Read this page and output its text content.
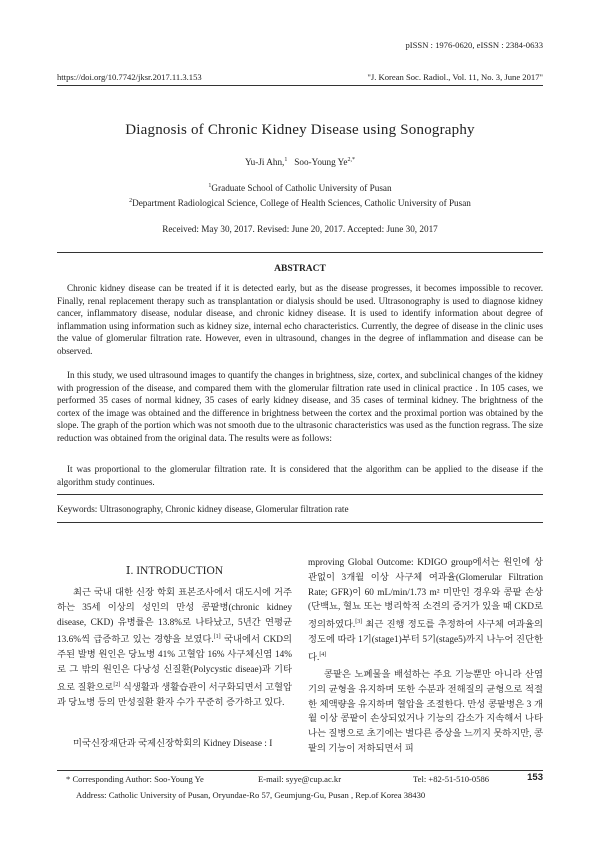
pISSN : 1976-0620, eISSN : 2384-0633
https://doi.org/10.7742/jksr.2017.11.3.153	"J. Korean Soc. Radiol., Vol. 11, No. 3, June 2017"
Diagnosis of Chronic Kidney Disease using Sonography
Yu-Ji Ahn,$^1$ Soo-Young $Ye^{2,*}$
$^1$Graduate School of Catholic University of Pusan
$^2$Department Radiological Science, College of Health Sciences, Catholic University of Pusan
Received: May 30, 2017. Revised: June 20, 2017. Accepted: June 30, 2017
ABSTRACT

Chronic kidney disease can be treated if it is detected early, but as the disease progresses, it becomes impossible to recover. Finally, renal replacement therapy such as transplantation or dialysis should be used. Ultrasonography is used to diagnose kidney cancer, inflammatory disease, nodular disease, and chronic kidney disease. It is used to identify information about degree of inflammation using information such as kidney size, internal echo characteristics. Currently, the degree of disease in the clinic uses the value of glomerular filtration rate. However, even in ultrasound, changes in the degree of inflammation and disease can be observed.

In this study, we used ultrasound images to quantify the changes in brightness, size, cortex, and subclinical changes of the kidney with progression of the disease, and compared them with the glomerular filtration rate used in clinical practice . In 105 cases, we performed 35 cases of normal kidney, 35 cases of early kidney disease, and 35 cases of terminal kidney. The brightness of the cortex of the image was obtained and the difference in brightness between the cortex and the proximal portion was obtained by the slope. The graph of the portion which was not smooth due to the ultrasonic characteristics was used as the function regrass. The size reduction was obtained from the original data. The results were as follows:

It was proportional to the glomerular filtration rate. It is considered that the algorithm can be applied to the disease if the algorithm study continues.

Keywords: Ultrasonography, Chronic kidney disease, Glomerular filtration rate
Ⅰ. INTRODUCTION

최근 국내 대한 신장 학회 표본조사에서 대도시에 거주하는 35세 이상의 성인의 만성 콩팥병(chronic kidney disease, CKD) 유병률은 13.8%로 나타났고, 5년간 연평균 13.6%씩 급증하고 있는 경향을 보였다.[1] 국내에서 CKD의 주된 발병 원인은 당뇨병 41% 고혈압 16% 사구체신염 14%로 그 밖의 원인은 다낭성 신질환(Polycystic diseae)과 기타 요로 질환으로[2] 식생활과 생활습관이 서구화되면서 고혈압과 당뇨병 등의 만성질환 환자 수가 꾸준히 증가하고 있다.

미국신장재단과 국제신장학회의 Kidney Disease : I

mproving Global Outcome: KDIGO group에서는 원인에 상관없이 3개월 이상 사구체 여과율(Glomerular Filtration Rate; GFR)이 60 mL/min/1.73 m² 미만인 경우와 콩팥 손상(단백뇨, 혈뇨 또는 병리학적 소견의 증거가 있을 때 CKD로 정의하였다.[3] 최근 진행 정도를 추정하여 사구체 여과율의 정도에 따라 1기(stage1)부터 5기(stage5)까지 나누어 진단한다.[4]

콩팥은 노폐물을 배설하는 주요 기능뿐만 아니라 산염기의 균형을 유지하며 또한 수분과 전해질의 균형으로 적절한 체액량을 유지하며 혈압을 조절한다. 만성 콩팥병은 3 개월 이상 콩팥이 손상되었거나 기능의 감소가 지속해서 나타나는 질병으로 초기에는 별다른 증상을 느끼지 못하지만, 콩팥의 기능이 저하되면서 피

* Corresponding Author: Soo-Young Ye	E-mail: syye@cup.ac.kr	Tel: +82-51-510-0586	153
Address: Catholic University of Pusan, Oryundae-Ro 57, Geumjung-Gu, Pusan , Rep.of Korea 38430
